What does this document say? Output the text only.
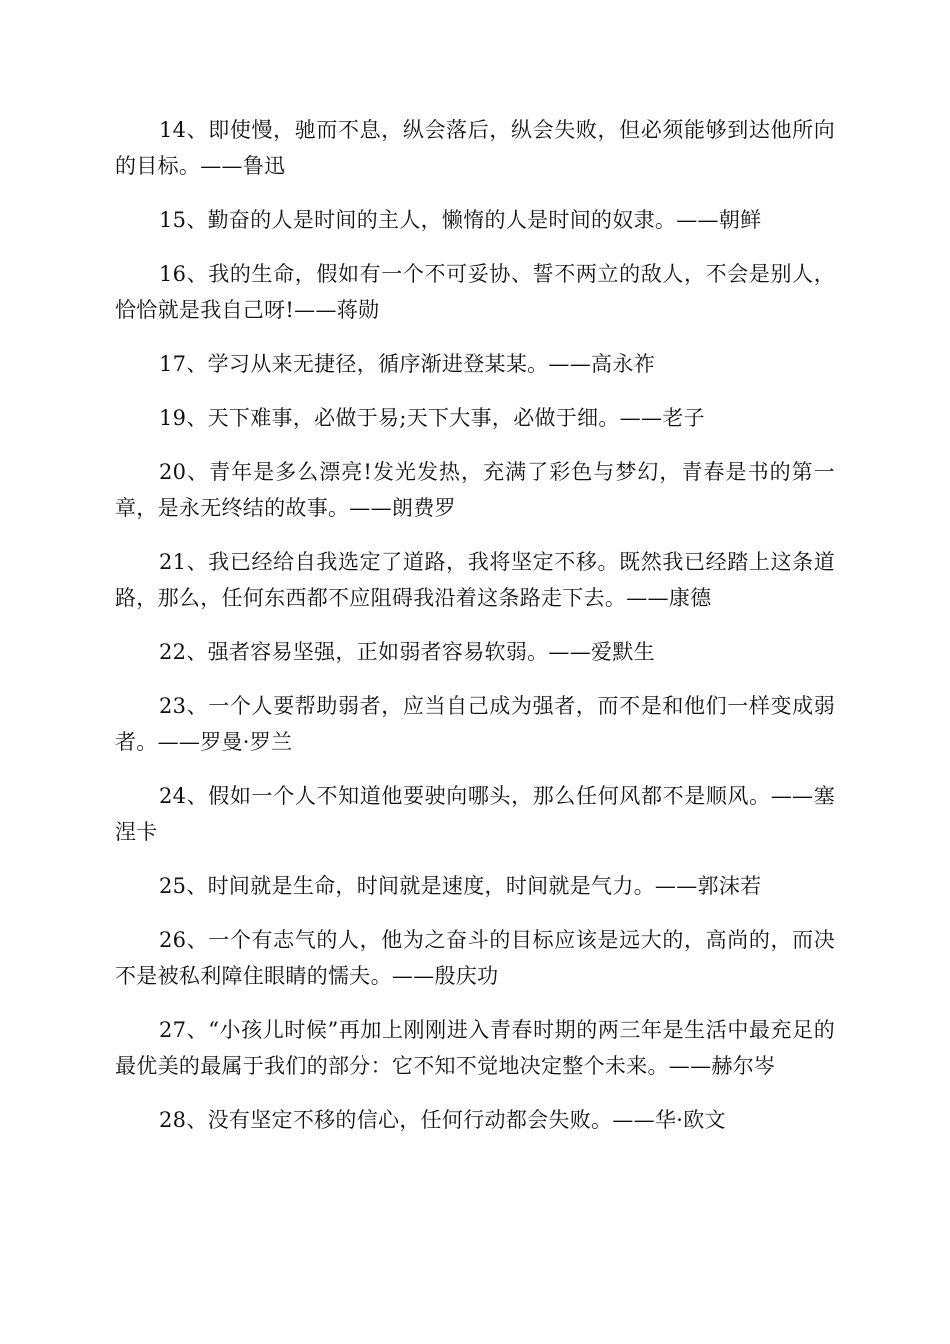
14、即使慢，驰而不息，纵会落后，纵会失败，但必须能够到达他所向的目标。——鲁迅

15、勤奋的人是时间的主人，懒惰的人是时间的奴隶。——朝鲜

16、我的生命，假如有一个不可妥协、誓不两立的敌人，不会是别人，恰恰就是我自己呀!——蒋勋

17、学习从来无捷径，循序渐进登某某。——高永祚

19、天下难事，必做于易;天下大事，必做于细。——老子

20、青年是多么漂亮!发光发热，充满了彩色与梦幻，青春是书的第一章，是永无终结的故事。——朗费罗

21、我已经给自我选定了道路，我将坚定不移。既然我已经踏上这条道路，那么，任何东西都不应阻碍我沿着这条路走下去。——康德

22、强者容易坚强，正如弱者容易软弱。——爱默生

23、一个人要帮助弱者，应当自己成为强者，而不是和他们一样变成弱者。——罗曼·罗兰

24、假如一个人不知道他要驶向哪头，那么任何风都不是顺风。——塞涅卡

25、时间就是生命，时间就是速度，时间就是气力。——郭沫若

26、一个有志气的人，他为之奋斗的目标应该是远大的，高尚的，而决不是被私利障住眼睛的懦夫。——殷庆功

27、“小孩儿时候”再加上刚刚进入青春时期的两三年是生活中最充足的最优美的最属于我们的部分：它不知不觉地决定整个未来。——赫尔岑

28、没有坚定不移的信心，任何行动都会失败。——华·欧文
